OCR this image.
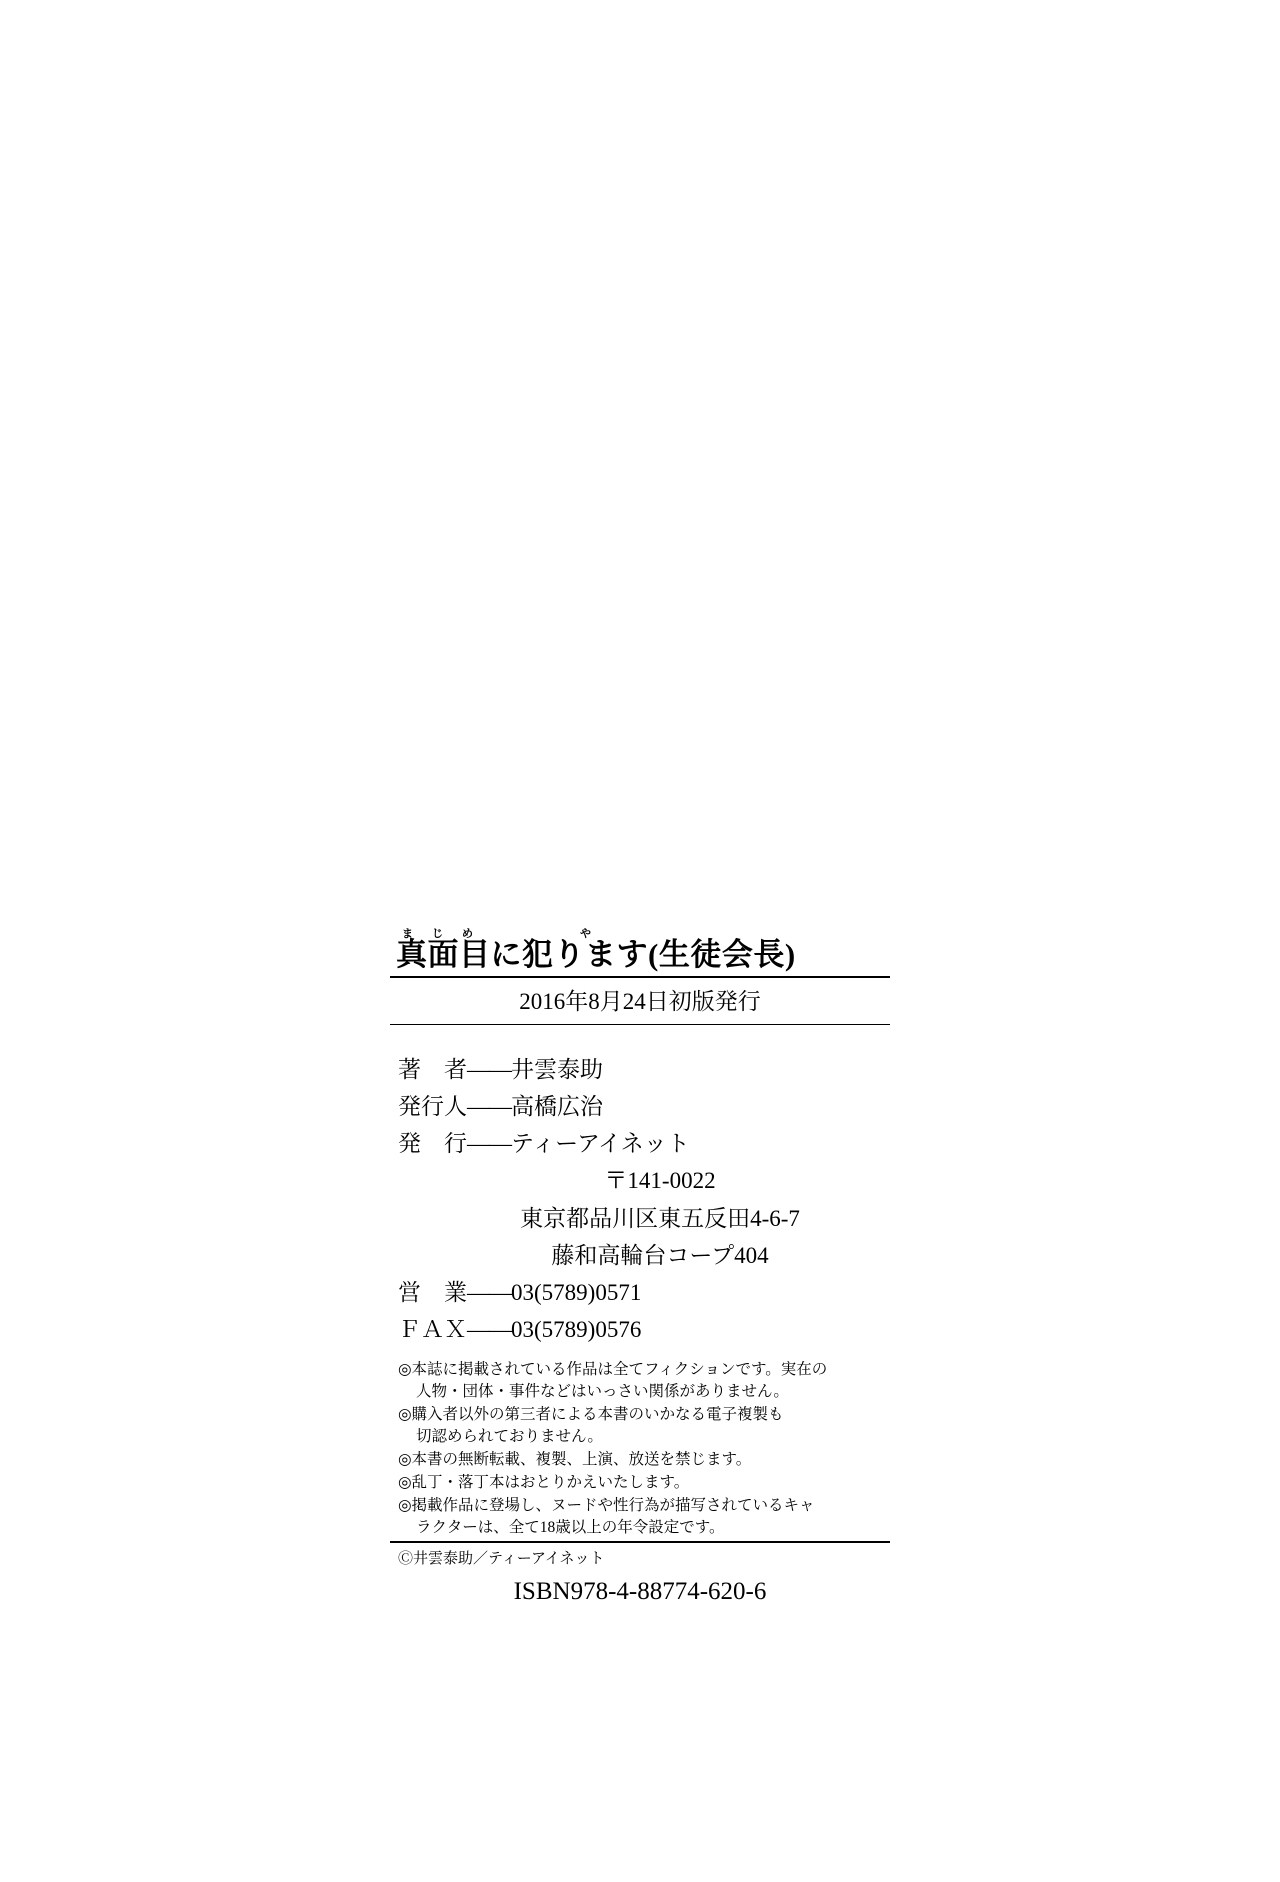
ま じ め	や
真面目に犯ります(生徒会長)
2016年8月24日初版発行
著　者——井雲泰助
発行人——高橋広治
発　行——ティーアイネット
〒141-0022
東京都品川区東五反田4-6-7
藤和高輪台コープ404
営　業——03(5789)0571
ＦＡＸ——03(5789)0576
◎本誌に掲載されている作品は全てフィクションです。実在の
人物・団体・事件などはいっさい関係がありません。
◎購入者以外の第三者による本書のいかなる電子複製も
切認められておりません。
◎本書の無断転載、複製、上演、放送を禁じます。
◎乱丁・落丁本はおとりかえいたします。
◎掲載作品に登場し、ヌードや性行為が描写されているキャ
ラクターは、全て18歳以上の年令設定です。
Ⓒ井雲泰助／ティーアイネット
ISBN978-4-88774-620-6
